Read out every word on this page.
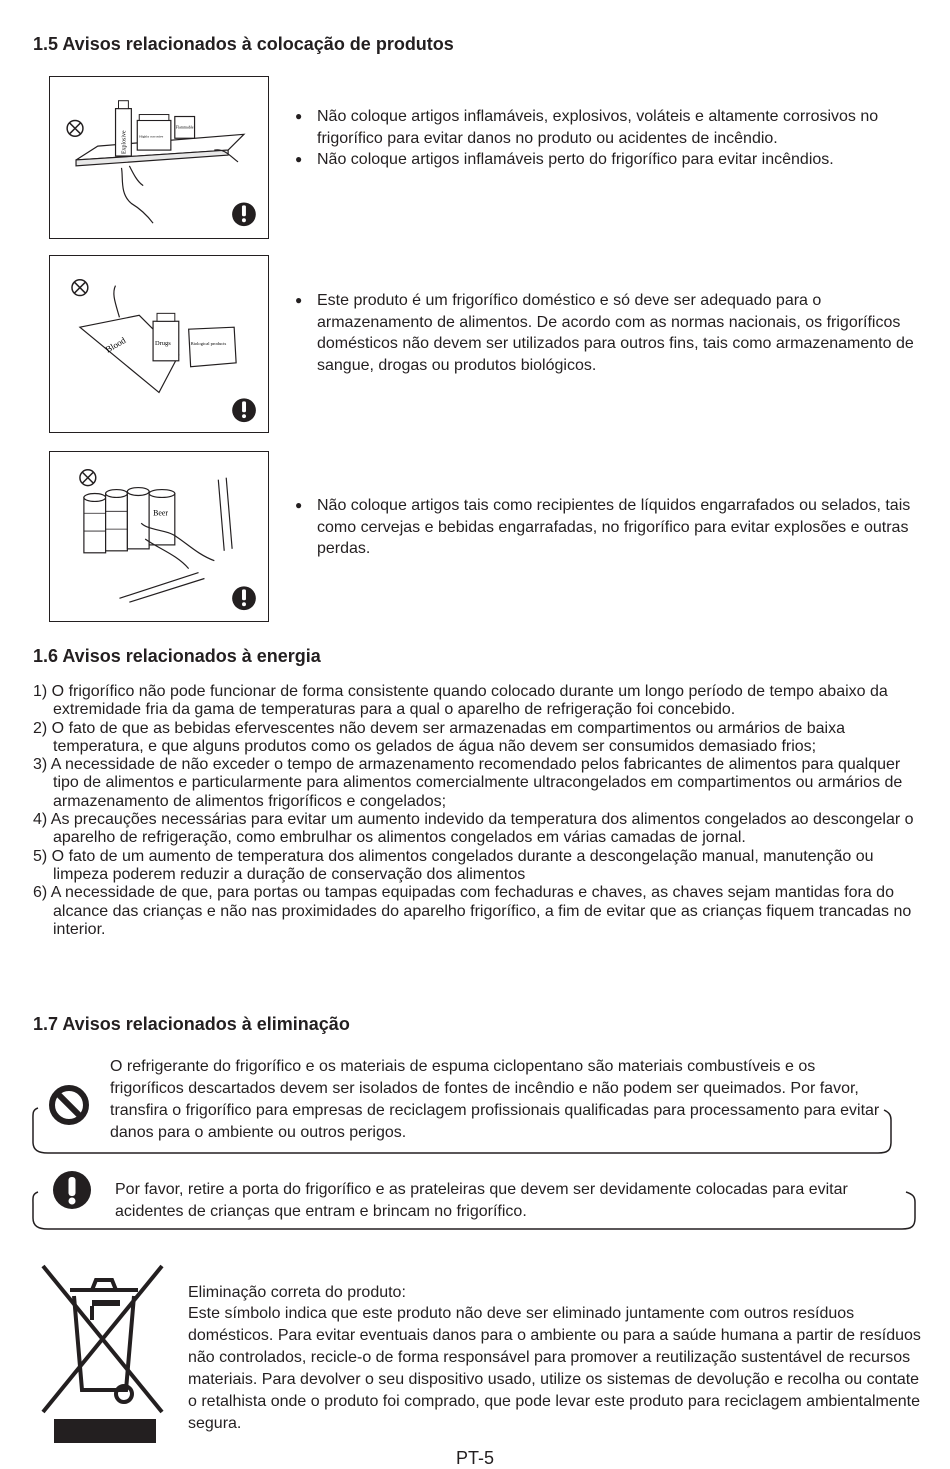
1.5 Avisos relacionados à colocação de produtos
Explosive	Highly corrosive
Flammable
● Não coloque artigos inflamáveis, explosivos, voláteis e altamente corrosivos no frigorífico para evitar danos no produto ou acidentes de incêndio.
● Não coloque artigos inflamáveis perto do frigorífico para evitar incêndios.
Blood	Drugs	Biological products
● Este produto é um frigorífico doméstico e só deve ser adequado para o armazenamento de alimentos. De acordo com as normas nacionais, os frigoríficos domésticos não devem ser utilizados para outros fins, tais como armazenamento de sangue, drogas ou produtos biológicos.
Beer
●	Não coloque artigos tais como recipientes de líquidos engarrafados ou selados, tais como cervejas e bebidas engarrafadas, no frigorífico para evitar explosões e outras perdas.
1.6 Avisos relacionados à energia
1) O frigorífico não pode funcionar de forma consistente quando colocado durante um longo período de tempo abaixo da extremidade fria da gama de temperaturas para a qual o aparelho de refrigeração foi concebido.
2) O fato de que as bebidas efervescentes não devem ser armazenadas em compartimentos ou armários de baixa temperatura, e que alguns produtos como os gelados de água não devem ser consumidos demasiado frios;
3) A necessidade de não exceder o tempo de armazenamento recomendado pelos fabricantes de alimentos para qualquer tipo de alimentos e particularmente para alimentos comercialmente ultracongelados em compartimentos ou armários de armazenamento de alimentos frigoríficos e congelados;
4) As precauções necessárias para evitar um aumento indevido da temperatura dos alimentos congelados ao descongelar o aparelho de refrigeração, como embrulhar os alimentos congelados em várias camadas de jornal.
5) O fato de um aumento de temperatura dos alimentos congelados durante a descongelação manual, manutenção ou limpeza poderem reduzir a duração de conservação dos alimentos
6) A necessidade de que, para portas ou tampas equipadas com fechaduras e chaves, as chaves sejam mantidas fora do alcance das crianças e não nas proximidades do aparelho frigorífico, a fim de evitar que as crianças fiquem trancadas no interior.
1.7 Avisos relacionados à eliminação

O refrigerante do frigorífico e os materiais de espuma ciclopentano são materiais combustíveis e os frigoríficos descartados devem ser isolados de fontes de incêndio e não podem ser queimados. Por favor, transfira o frigorífico para empresas de reciclagem profissionais qualificadas para processamento para evitar danos para o ambiente ou outros perigos.

Por favor, retire a porta do frigorífico e as prateleiras que devem ser devidamente colocadas para evitar acidentes de crianças que entram e brincam no frigorífico.

Eliminação correta do produto:

Este símbolo indica que este produto não deve ser eliminado juntamente com outros resíduos domésticos. Para evitar eventuais danos para o ambiente ou para a saúde humana a partir de resíduos não controlados, recicle-o de forma responsável para promover a reutilização sustentável de recursos materiais. Para devolver o seu dispositivo usado, utilize os sistemas de devolução e recolha ou contate o retalhista onde o produto foi comprado, que pode levar este produto para reciclagem ambientalmente segura.

PT-5
